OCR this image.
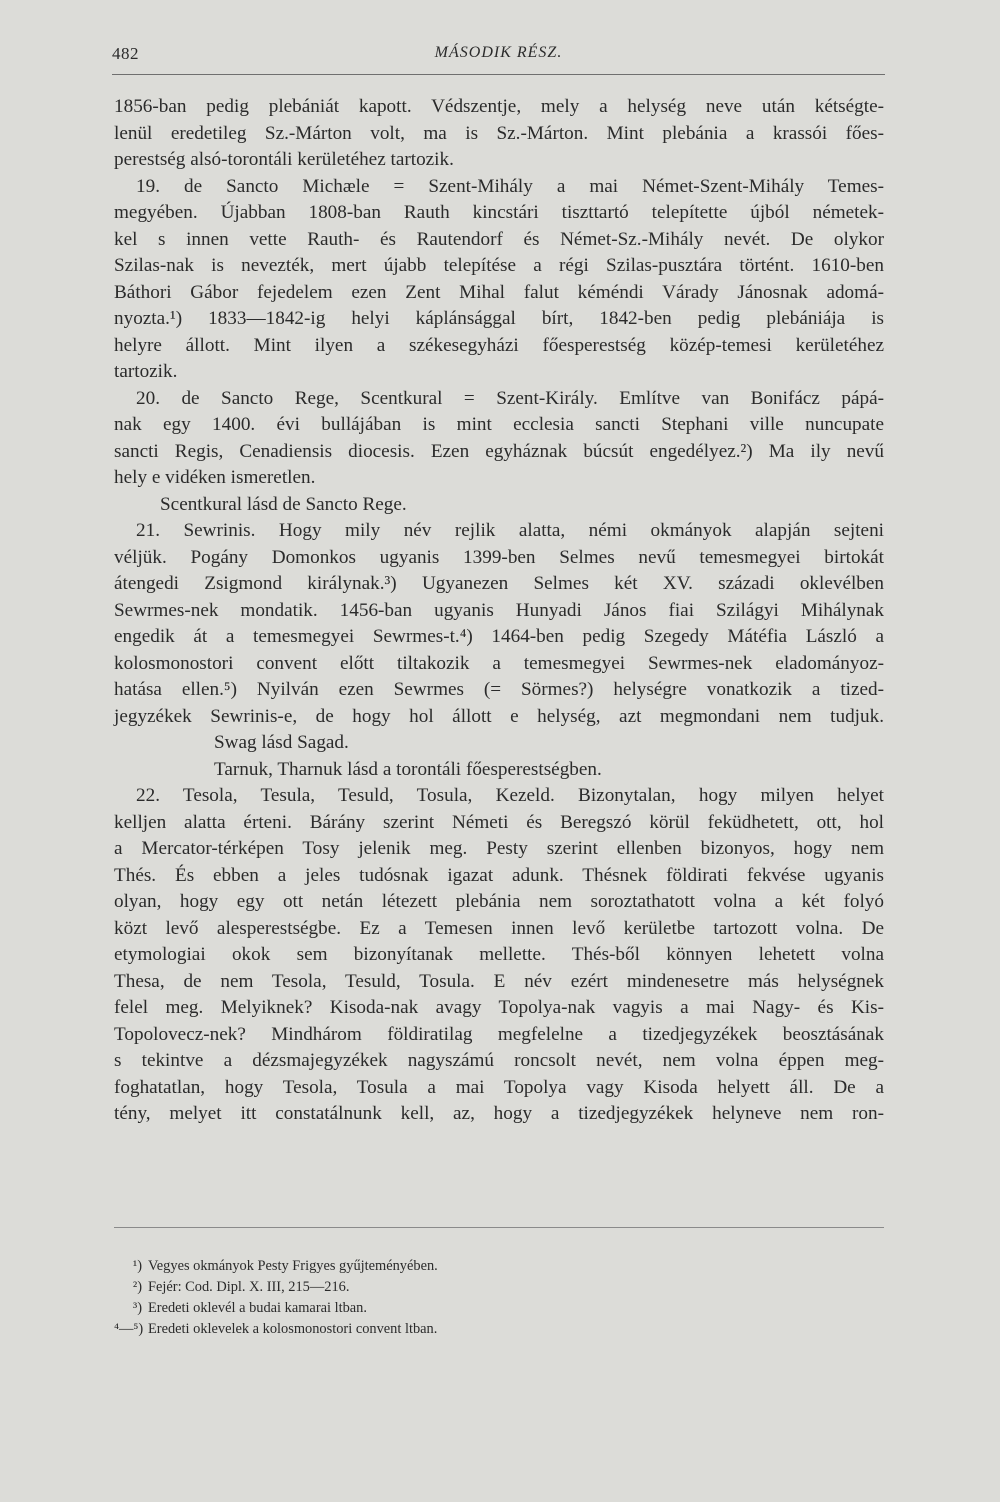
482	MÁSODIK RÉSZ.
1856-ban pedig plebániát kapott. Védszentje, mely a helység neve után kétségte-
lenül eredetileg Sz.-Márton volt, ma is Sz.-Márton. Mint plebánia a krassói főes-
perestség alsó-torontáli kerületéhez tartozik.
19. de Sancto Michæle = Szent-Mihály a mai Német-Szent-Mihály Temes-
megyében. Újabban 1808-ban Rauth kincstári tiszttartó telepítette újból németek-
kel s innen vette Rauth- és Rautendorf és Német-Sz.-Mihály nevét. De olykor
Szilas-nak is nevezték, mert újabb telepítése a régi Szilas-pusztára történt. 1610-ben
Báthori Gábor fejedelem ezen Zent Mihal falut kéméndi Várady Jánosnak adomá-
nyozta.¹) 1833—1842-ig helyi káplánsággal bírt, 1842-ben pedig plebániája is
helyre állott. Mint ilyen a székesegyházi főesperestség közép-temesi kerületéhez
tartozik.
20. de Sancto Rege, Scentkural = Szent-Király. Említve van Bonifácz pápá-
nak egy 1400. évi bullájában is mint ecclesia sancti Stephani ville nuncupate
sancti Regis, Cenadiensis diocesis. Ezen egyháznak búcsút engedélyez.²) Ma ily nevű
hely e vidéken ismeretlen.
Scentkural lásd de Sancto Rege.
21. Sewrinis. Hogy mily név rejlik alatta, némi okmányok alapján sejteni
véljük. Pogány Domonkos ugyanis 1399-ben Selmes nevű temesmegyei birtokát
átengedi Zsigmond királynak.³) Ugyanezen Selmes két XV. századi oklevélben
Sewrmes-nek mondatik. 1456-ban ugyanis Hunyadi János fiai Szilágyi Mihálynak
engedik át a temesmegyei Sewrmes-t.⁴) 1464-ben pedig Szegedy Mátéfia László a
kolosmonostori convent előtt tiltakozik a temesmegyei Sewrmes-nek eladományoz-
hatása ellen.⁵) Nyilván ezen Sewrmes (= Sörmes?) helységre vonatkozik a tized-
jegyzékek Sewrinis-e, de hogy hol állott e helység, azt megmondani nem tudjuk.
Swag lásd Sagad.
Tarnuk, Tharnuk lásd a torontáli főesperestségben.
22. Tesola, Tesula, Tesuld, Tosula, Kezeld. Bizonytalan, hogy milyen helyet
kelljen alatta érteni. Bárány szerint Németi és Beregszó körül feküdhetett, ott, hol
a Mercator-térképen Tosy jelenik meg. Pesty szerint ellenben bizonyos, hogy nem
Thés. És ebben a jeles tudósnak igazat adunk. Thésnek földirati fekvése ugyanis
olyan, hogy egy ott netán létezett plebánia nem soroztathatott volna a két folyó
közt levő alesperestségbe. Ez a Temesen innen levő kerületbe tartozott volna. De
etymologiai okok sem bizonyítanak mellette. Thés-ből könnyen lehetett volna
Thesa, de nem Tesola, Tesuld, Tosula. E név ezért mindenesetre más helységnek
felel meg. Melyiknek? Kisoda-nak avagy Topolya-nak vagyis a mai Nagy- és Kis-
Topolovecz-nek? Mindhárom földiratilag megfelelne a tizedjegyzékek beosztásának
s tekintve a dézsmajegyzékek nagyszámú roncsolt nevét, nem volna éppen meg-
foghatatlan, hogy Tesola, Tosula a mai Topolya vagy Kisoda helyett áll. De a
tény, melyet itt constatálnunk kell, az, hogy a tizedjegyzékek helyneve nem ron-
¹) Vegyes okmányok Pesty Frigyes gyűjteményében.
²) Fejér: Cod. Dipl. X. III, 215—216.
³) Eredeti oklevél a budai kamarai ltban.
⁴—⁵) Eredeti oklevelek a kolosmonostori convent ltban.
